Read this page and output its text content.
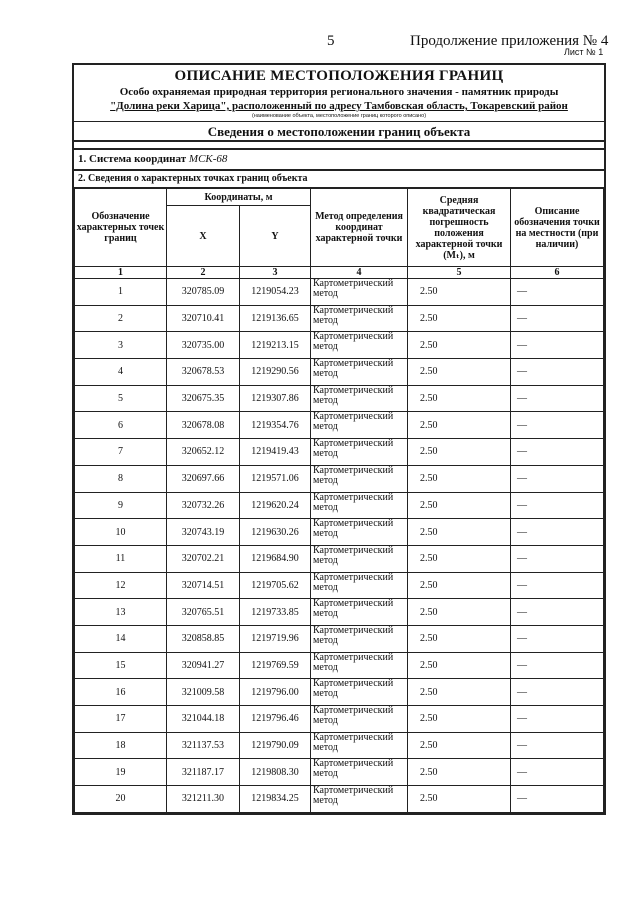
5	Продолжение приложения № 4
Лист № 1
ОПИСАНИЕ МЕСТОПОЛОЖЕНИЯ ГРАНИЦ
Особо охраняемая природная территория регионального значения - памятник природы
"Долина реки Харица", расположенный по адресу Тамбовская область, Токаревский район
(наименование объекта, местоположение границ которого описано)
Сведения о местоположении границ объекта
1. Система координат МСК-68
2. Сведения о характерных точках границ объекта
Обозначение характерных точек границ	Координаты, м		Метод определения координат характерной точки	Средняя квадратическая погрешность положения характерной точки (Mₜ), м	Описание обозначения точки на местности (при наличии)
	X	Y			
1	2	3	4	5	6
1	320785.09	1219054.23	Картометрический метод	2.50	—
2	320710.41	1219136.65	Картометрический метод	2.50	—
3	320735.00	1219213.15	Картометрический метод	2.50	—
4	320678.53	1219290.56	Картометрический метод	2.50	—
5	320675.35	1219307.86	Картометрический метод	2.50	—
6	320678.08	1219354.76	Картометрический метод	2.50	—
7	320652.12	1219419.43	Картометрический метод	2.50	—
8	320697.66	1219571.06	Картометрический метод	2.50	—
9	320732.26	1219620.24	Картометрический метод	2.50	—
10	320743.19	1219630.26	Картометрический метод	2.50	—
11	320702.21	1219684.90	Картометрический метод	2.50	—
12	320714.51	1219705.62	Картометрический метод	2.50	—
13	320765.51	1219733.85	Картометрический метод	2.50	—
14	320858.85	1219719.96	Картометрический метод	2.50	—
15	320941.27	1219769.59	Картометрический метод	2.50	—
16	321009.58	1219796.00	Картометрический метод	2.50	—
17	321044.18	1219796.46	Картометрический метод	2.50	—
18	321137.53	1219790.09	Картометрический метод	2.50	—
19	321187.17	1219808.30	Картометрический метод	2.50	—
20	321211.30	1219834.25	Картометрический метод	2.50	—
